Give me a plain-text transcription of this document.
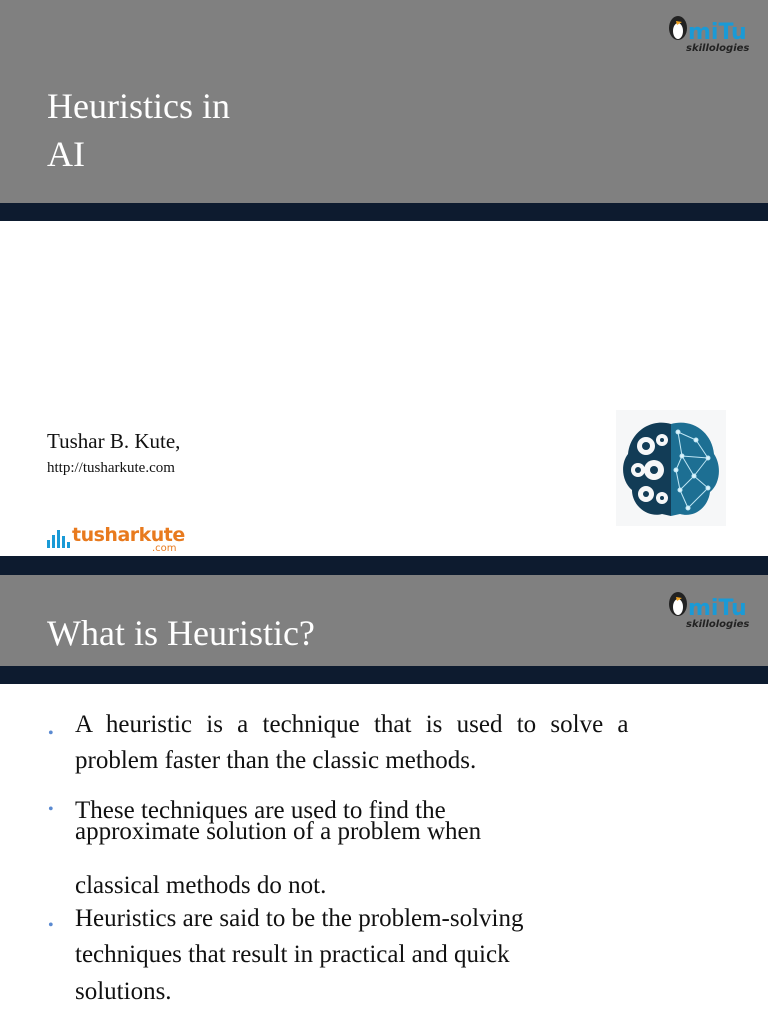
Heuristics in
AI
miTu
skillologies
Tushar B. Kute,
http://tusharkute.com
tusharkute
.com
What is Heuristic?
miTu
skillologies
• A heuristic is a technique that is used to solve a
problem faster than the classic methods.
• These techniques are used to find the
approximate solution of a problem when
classical methods do not.
• Heuristics are said to be the problem-solving
techniques that result in practical and quick
solutions.
